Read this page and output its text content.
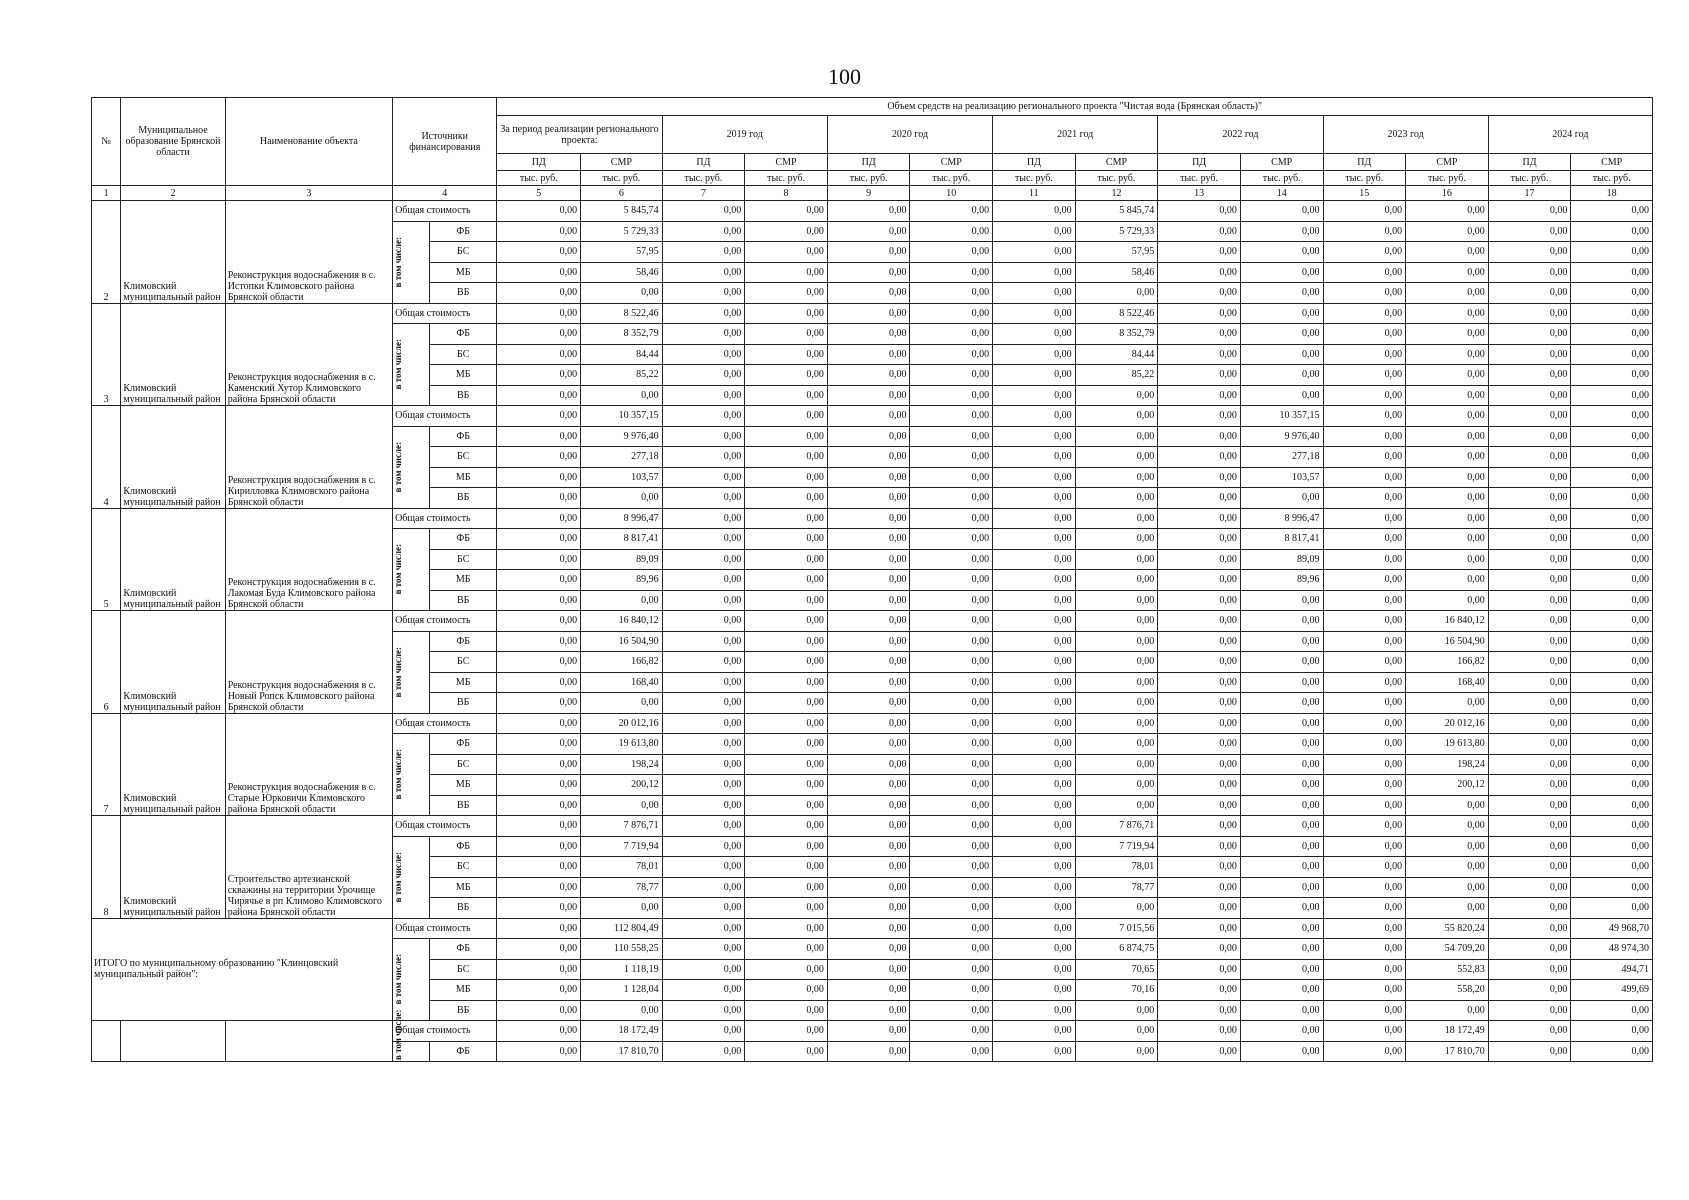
100
№	Муниципальное образование Брянской области	Наименование объекта	Источники финансирования		Объем средств на реализацию регионального проекта "Чистая вода (Брянская область)"													
					За период реализации регионального проекта:		2019 год		2020 год		2021 год		2022 год		2023 год		2024 год	
					ПД	СМР	ПД	СМР	ПД	СМР	ПД	СМР	ПД	СМР	ПД	СМР	ПД	СМР
					тыс. руб.	тыс. руб.	тыс. руб.	тыс. руб.	тыс. руб.	тыс. руб.	тыс. руб.	тыс. руб.	тыс. руб.	тыс. руб.	тыс. руб.	тыс. руб.	тыс. руб.	тыс. руб.
1	2	3	4		5	6	7	8	9	10	11	12	13	14	15	16	17	18
2	Климовский муниципальный район	Реконструкция водоснабжения в с. Истопки Климовского района Брянской области	Общая стоимость		0,00	5 845,74	0,00	0,00	0,00	0,00	0,00	5 845,74	0,00	0,00	0,00	0,00	0,00	0,00

			в том числе:	ФБ	0,00	5 729,33	0,00	0,00	0,00	0,00	0,00	5 729,33	0,00	0,00	0,00	0,00	0,00	0,00
				БС	0,00	57,95	0,00	0,00	0,00	0,00	0,00	57,95	0,00	0,00	0,00	0,00	0,00	0,00
				МБ	0,00	58,46	0,00	0,00	0,00	0,00	0,00	58,46	0,00	0,00	0,00	0,00	0,00	0,00
				ВБ	0,00	0,00	0,00	0,00	0,00	0,00	0,00	0,00	0,00	0,00	0,00	0,00	0,00	0,00
3	Климовский муниципальный район	Реконструкция водоснабжения в с. Каменский Хутор Климовского района Брянской области	Общая стоимость		0,00	8 522,46	0,00	0,00	0,00	0,00	0,00	8 522,46	0,00	0,00	0,00	0,00	0,00	0,00

			в том числе:	ФБ	0,00	8 352,79	0,00	0,00	0,00	0,00	0,00	8 352,79	0,00	0,00	0,00	0,00	0,00	0,00
				БС	0,00	84,44	0,00	0,00	0,00	0,00	0,00	84,44	0,00	0,00	0,00	0,00	0,00	0,00
				МБ	0,00	85,22	0,00	0,00	0,00	0,00	0,00	85,22	0,00	0,00	0,00	0,00	0,00	0,00
				ВБ	0,00	0,00	0,00	0,00	0,00	0,00	0,00	0,00	0,00	0,00	0,00	0,00	0,00	0,00
4	Климовский муниципальный район	Реконструкция водоснабжения в с. Кирилловка Климовского района Брянской области	Общая стоимость		0,00	10 357,15	0,00	0,00	0,00	0,00	0,00	0,00	0,00	10 357,15	0,00	0,00	0,00	0,00

			в том числе:	ФБ	0,00	9 976,40	0,00	0,00	0,00	0,00	0,00	0,00	0,00	9 976,40	0,00	0,00	0,00	0,00
				БС	0,00	277,18	0,00	0,00	0,00	0,00	0,00	0,00	0,00	277,18	0,00	0,00	0,00	0,00
				МБ	0,00	103,57	0,00	0,00	0,00	0,00	0,00	0,00	0,00	103,57	0,00	0,00	0,00	0,00
				ВБ	0,00	0,00	0,00	0,00	0,00	0,00	0,00	0,00	0,00	0,00	0,00	0,00	0,00	0,00
5	Климовский муниципальный район	Реконструкция водоснабжения в с. Лакомая Буда Климовского района Брянской области	Общая стоимость		0,00	8 996,47	0,00	0,00	0,00	0,00	0,00	0,00	0,00	8 996,47	0,00	0,00	0,00	0,00

			в том числе:	ФБ	0,00	8 817,41	0,00	0,00	0,00	0,00	0,00	0,00	0,00	8 817,41	0,00	0,00	0,00	0,00
				БС	0,00	89,09	0,00	0,00	0,00	0,00	0,00	0,00	0,00	89,09	0,00	0,00	0,00	0,00
				МБ	0,00	89,96	0,00	0,00	0,00	0,00	0,00	0,00	0,00	89,96	0,00	0,00	0,00	0,00
				ВБ	0,00	0,00	0,00	0,00	0,00	0,00	0,00	0,00	0,00	0,00	0,00	0,00	0,00	0,00
6	Климовский муниципальный район	Реконструкция водоснабжения в с. Новый Ропск Климовского района Брянской области	Общая стоимость		0,00	16 840,12	0,00	0,00	0,00	0,00	0,00	0,00	0,00	0,00	0,00	16 840,12	0,00	0,00

			в том числе:	ФБ	0,00	16 504,90	0,00	0,00	0,00	0,00	0,00	0,00	0,00	0,00	0,00	16 504,90	0,00	0,00
				БС	0,00	166,82	0,00	0,00	0,00	0,00	0,00	0,00	0,00	0,00	0,00	166,82	0,00	0,00
				МБ	0,00	168,40	0,00	0,00	0,00	0,00	0,00	0,00	0,00	0,00	0,00	168,40	0,00	0,00
				ВБ	0,00	0,00	0,00	0,00	0,00	0,00	0,00	0,00	0,00	0,00	0,00	0,00	0,00	0,00
7	Климовский муниципальный район	Реконструкция водоснабжения в с. Старые Юрковичи Климовского района Брянской области	Общая стоимость		0,00	20 012,16	0,00	0,00	0,00	0,00	0,00	0,00	0,00	0,00	0,00	20 012,16	0,00	0,00

			в том числе:	ФБ	0,00	19 613,80	0,00	0,00	0,00	0,00	0,00	0,00	0,00	0,00	0,00	19 613,80	0,00	0,00
				БС	0,00	198,24	0,00	0,00	0,00	0,00	0,00	0,00	0,00	0,00	0,00	198,24	0,00	0,00
				МБ	0,00	200,12	0,00	0,00	0,00	0,00	0,00	0,00	0,00	0,00	0,00	200,12	0,00	0,00
				ВБ	0,00	0,00	0,00	0,00	0,00	0,00	0,00	0,00	0,00	0,00	0,00	0,00	0,00	0,00
8	Климовский муниципальный район	Строительство артезианской скважины на территории Урочище Чирячье в рп Климово Климовского района Брянской области	Общая стоимость		0,00	7 876,71	0,00	0,00	0,00	0,00	0,00	7 876,71	0,00	0,00	0,00	0,00	0,00	0,00

			в том числе:	ФБ	0,00	7 719,94	0,00	0,00	0,00	0,00	0,00	7 719,94	0,00	0,00	0,00	0,00	0,00	0,00
				БС	0,00	78,01	0,00	0,00	0,00	0,00	0,00	78,01	0,00	0,00	0,00	0,00	0,00	0,00
				МБ	0,00	78,77	0,00	0,00	0,00	0,00	0,00	78,77	0,00	0,00	0,00	0,00	0,00	0,00
				ВБ	0,00	0,00	0,00	0,00	0,00	0,00	0,00	0,00	0,00	0,00	0,00	0,00	0,00	0,00
ИТОГО по муниципальному образованию "Клинцовский муниципальный район":			Общая стоимость		0,00	112 804,49	0,00	0,00	0,00	0,00	0,00	7 015,56	0,00	0,00	0,00	55 820,24	0,00	49 968,70

			в том числе:	ФБ	0,00	110 558,25	0,00	0,00	0,00	0,00	0,00	6 874,75	0,00	0,00	0,00	54 709,20	0,00	48 974,30
				БС	0,00	1 118,19	0,00	0,00	0,00	0,00	0,00	70,65	0,00	0,00	0,00	552,83	0,00	494,71
				МБ	0,00	1 128,04	0,00	0,00	0,00	0,00	0,00	70,16	0,00	0,00	0,00	558,20	0,00	499,69
				ВБ	0,00	0,00	0,00	0,00	0,00	0,00	0,00	0,00	0,00	0,00	0,00	0,00	0,00	0,00
			Общая стоимость		0,00	18 172,49	0,00	0,00	0,00	0,00	0,00	0,00	0,00	0,00	0,00	18 172,49	0,00	0,00

			в том числе:	ФБ	0,00	17 810,70	0,00	0,00	0,00	0,00	0,00	0,00	0,00	0,00	0,00	17 810,70	0,00	0,00
